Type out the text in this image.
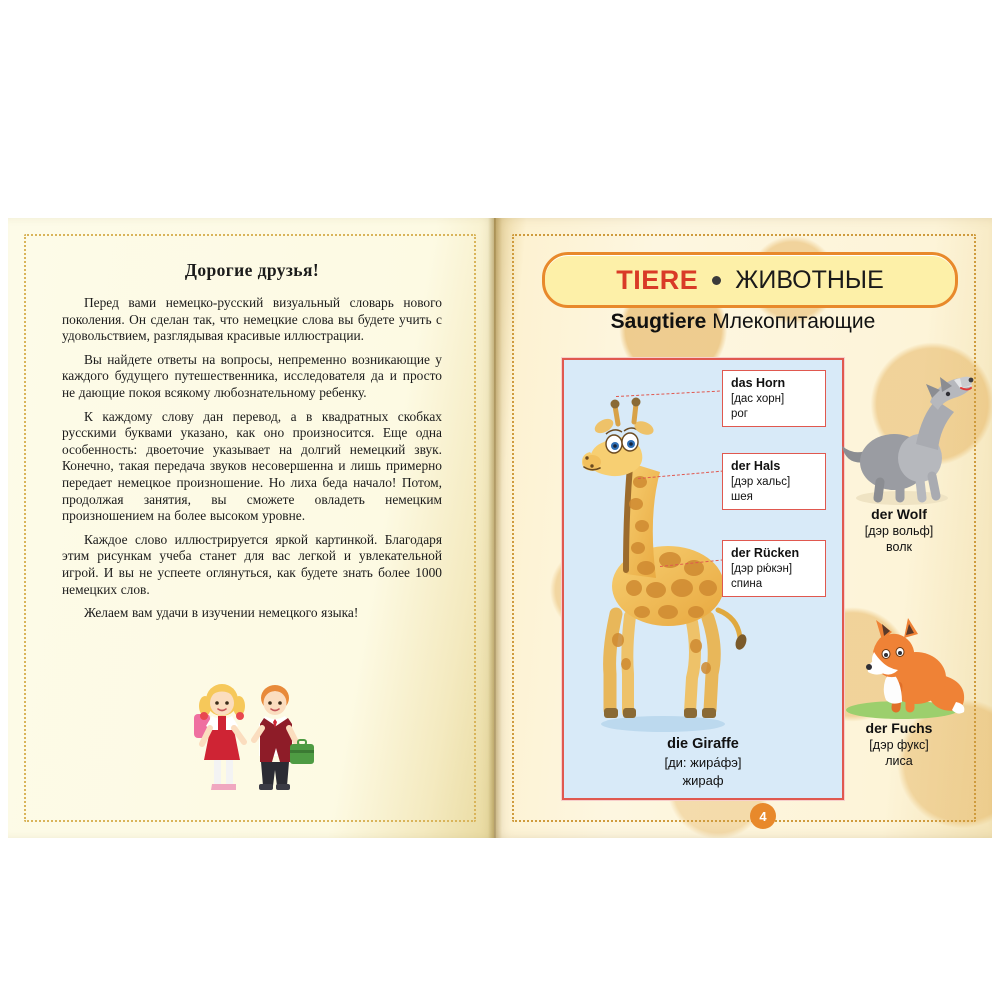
Дорогие друзья!

Перед вами немецко-русский визуальный словарь нового поколения. Он сделан так, что немецкие слова вы будете учить с удовольствием, разглядывая красивые иллюстрации.

Вы найдете ответы на вопросы, непременно возникающие у каждого будущего путешественника, исследователя да и просто не дающие покоя всякому любознательному ребенку.

К каждому слову дан перевод, а в квадратных скобках русскими буквами указано, как оно произносится. Еще одна особенность: двоеточие указывает на долгий немецкий звук. Конечно, такая передача звуков несовершенна и лишь примерно передает немецкое произношение. Но лиха беда начало! Потом, продолжая занятия, вы сможете овладеть немецким произношением на более высоком уровне.

Каждое слово иллюстрируется яркой картинкой. Благодаря этим рисункам учеба станет для вас легкой и увлекательной игрой. И вы не успеете оглянуться, как будете знать более 1000 немецких слов.

Желаем вам удачи в изучении немецкого языка!

TIERE ЖИВОТНЫЕ
Saugtiere Млекопитающие
das Horn
[дас хорн]
рог
der Hals
[дэр хальс]
шея
der Rücken
[дэр рю́кэн]
спина
die Giraffe
[ди: жира́фэ]
жираф
der Wolf
[дэр вольф]
волк
der Fuchs
[дэр фукс]
лиса
4
